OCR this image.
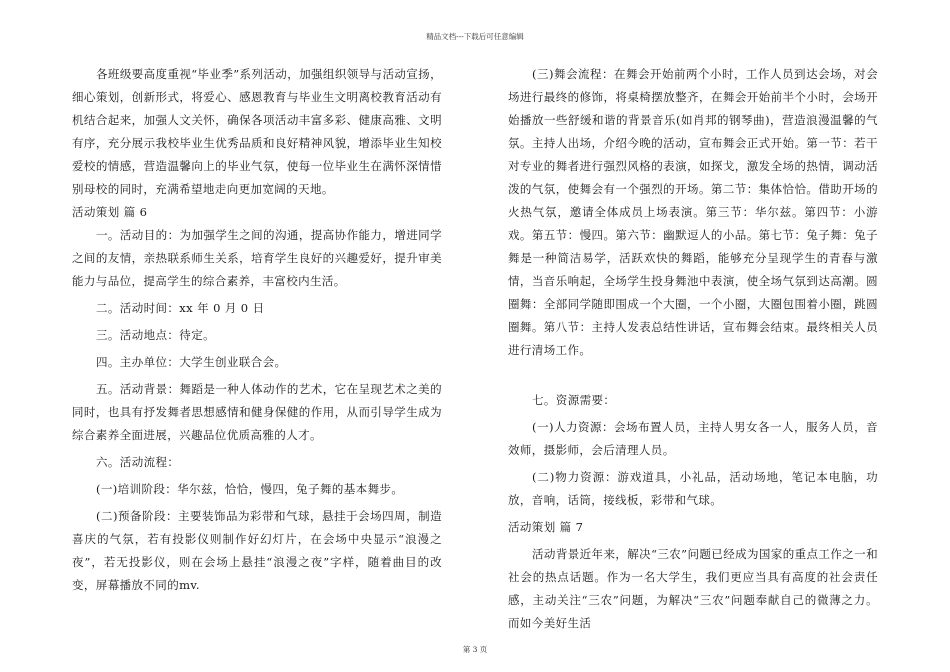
精品文档---下载后可任意编辑

各班级要高度重视“毕业季”系列活动，加强组织领导与活动宣扬，细心策划，创新形式，将爱心、感恩教育与毕业生文明离校教育活动有机结合起来，加强人文关怀，确保各项活动丰富多彩、健康高雅、文明有序，充分展示我校毕业生优秀品质和良好精神风貌，增添毕业生知校爱校的情感，营造温馨向上的毕业气氛，使每一位毕业生在满怀深情惜别母校的同时，充满希望地走向更加宽阔的天地。

活动策划 篇 6

一。活动目的：为加强学生之间的沟通，提高协作能力，增进同学之间的友情，亲热联系师生关系，培育学生良好的兴趣爱好，提升审美能力与品位，提高学生的综合素养，丰富校内生活。

二。活动时间：xx 年 0 月 0 日

三。活动地点：待定。

四。主办单位：大学生创业联合会。

五。活动背景：舞蹈是一种人体动作的艺术，它在呈现艺术之美的同时，也具有抒发舞者思想感情和健身保健的作用，从而引导学生成为综合素养全面进展，兴趣品位优质高雅的人才。

六。活动流程：

(一)培训阶段：华尔兹，恰恰，慢四，兔子舞的基本舞步。

(二)预备阶段：主要装饰品为彩带和气球，悬挂于会场四周，制造喜庆的气氛，若有投影仪则制作好幻灯片，在会场中央显示“浪漫之夜”，若无投影仪，则在会场上悬挂“浪漫之夜”字样，随着曲目的改变，屏幕播放不同的mv.

(三)舞会流程：在舞会开始前两个小时，工作人员到达会场，对会场进行最终的修饰，将桌椅摆放整齐，在舞会开始前半个小时，会场开始播放一些舒缓和谐的背景音乐(如肖邦的钢琴曲)，营造浪漫温馨的气氛。主持人出场，介绍今晚的活动，宣布舞会正式开始。第一节：若干对专业的舞者进行强烈风格的表演，如探戈，激发全场的热情，调动活泼的气氛，使舞会有一个强烈的开场。第二节：集体恰恰。借助开场的火热气氛，邀请全体成员上场表演。第三节：华尔兹。第四节：小游戏。第五节：慢四。第六节：幽默逗人的小品。第七节：兔子舞：兔子舞是一种简洁易学，活跃欢快的舞蹈，能够充分呈现学生的青春与激情，当音乐响起，全场学生投身舞池中表演，使全场气氛到达高潮。圆圈舞：全部同学随即围成一个大圈，一个小圈，大圈包围着小圈，跳圆圈舞。第八节：主持人发表总结性讲话，宣布舞会结束。最终相关人员进行清场工作。

七。资源需要：

(一)人力资源：会场布置人员，主持人男女各一人，服务人员，音效师，摄影师，会后清理人员。

(二)物力资源：游戏道具，小礼品，活动场地，笔记本电脑，功放，音响，话筒，接线板，彩带和气球。

活动策划 篇 7

活动背景近年来，解决“三农”问题已经成为国家的重点工作之一和社会的热点话题。作为一名大学生，我们更应当具有高度的社会责任感，主动关注“三农”问题，为解决“三农”问题奉献自己的微薄之力。而如今美好生活

第 3 页
